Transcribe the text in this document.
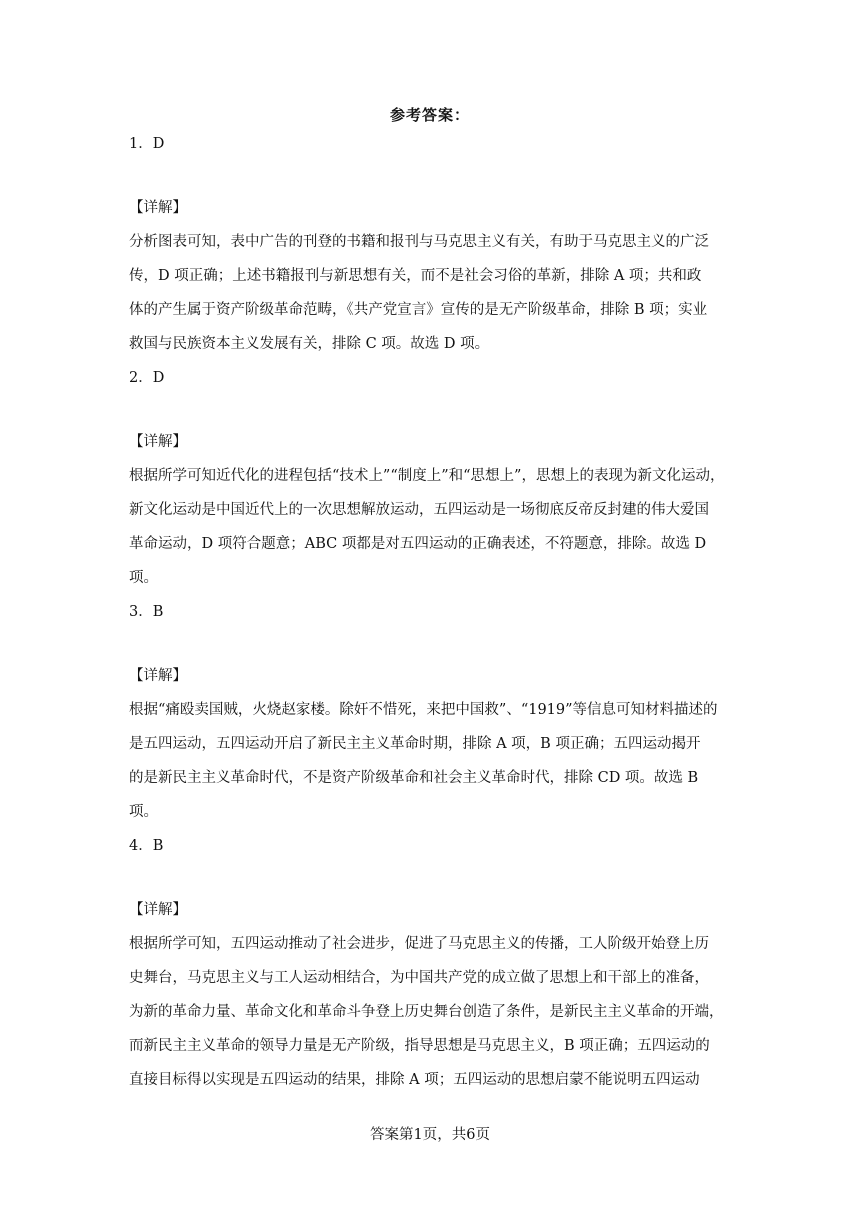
参考答案：
1．D
【详解】

分析图表可知，表中广告的刊登的书籍和报刊与马克思主义有关，有助于马克思主义的广泛

传，D 项正确；上述书籍报刊与新思想有关，而不是社会习俗的革新，排除 A 项；共和政

体的产生属于资产阶级革命范畴，《共产党宣言》宣传的是无产阶级革命，排除 B 项；实业

救国与民族资本主义发展有关，排除 C 项。故选 D 项。

2．D
【详解】

根据所学可知近代化的进程包括“技术上”“制度上”和“思想上”，思想上的表现为新文化运动，

新文化运动是中国近代上的一次思想解放运动，五四运动是一场彻底反帝反封建的伟大爱国

革命运动，D 项符合题意；ABC 项都是对五四运动的正确表述，不符题意，排除。故选 D

项。

3．B
【详解】

根据“痛殴卖国贼，火烧赵家楼。除奸不惜死，来把中国救”、“1919”等信息可知材料描述的

是五四运动，五四运动开启了新民主主义革命时期，排除 A 项，B 项正确；五四运动揭开

的是新民主主义革命时代，不是资产阶级革命和社会主义革命时代，排除 CD 项。故选 B

项。

4．B
【详解】

根据所学可知，五四运动推动了社会进步，促进了马克思主义的传播，工人阶级开始登上历

史舞台，马克思主义与工人运动相结合，为中国共产党的成立做了思想上和干部上的准备，

为新的革命力量、革命文化和革命斗争登上历史舞台创造了条件，是新民主主义革命的开端，

而新民主主义革命的领导力量是无产阶级，指导思想是马克思主义，B 项正确；五四运动的

直接目标得以实现是五四运动的结果，排除 A 项；五四运动的思想启蒙不能说明五四运动

答案第1页，共6页
